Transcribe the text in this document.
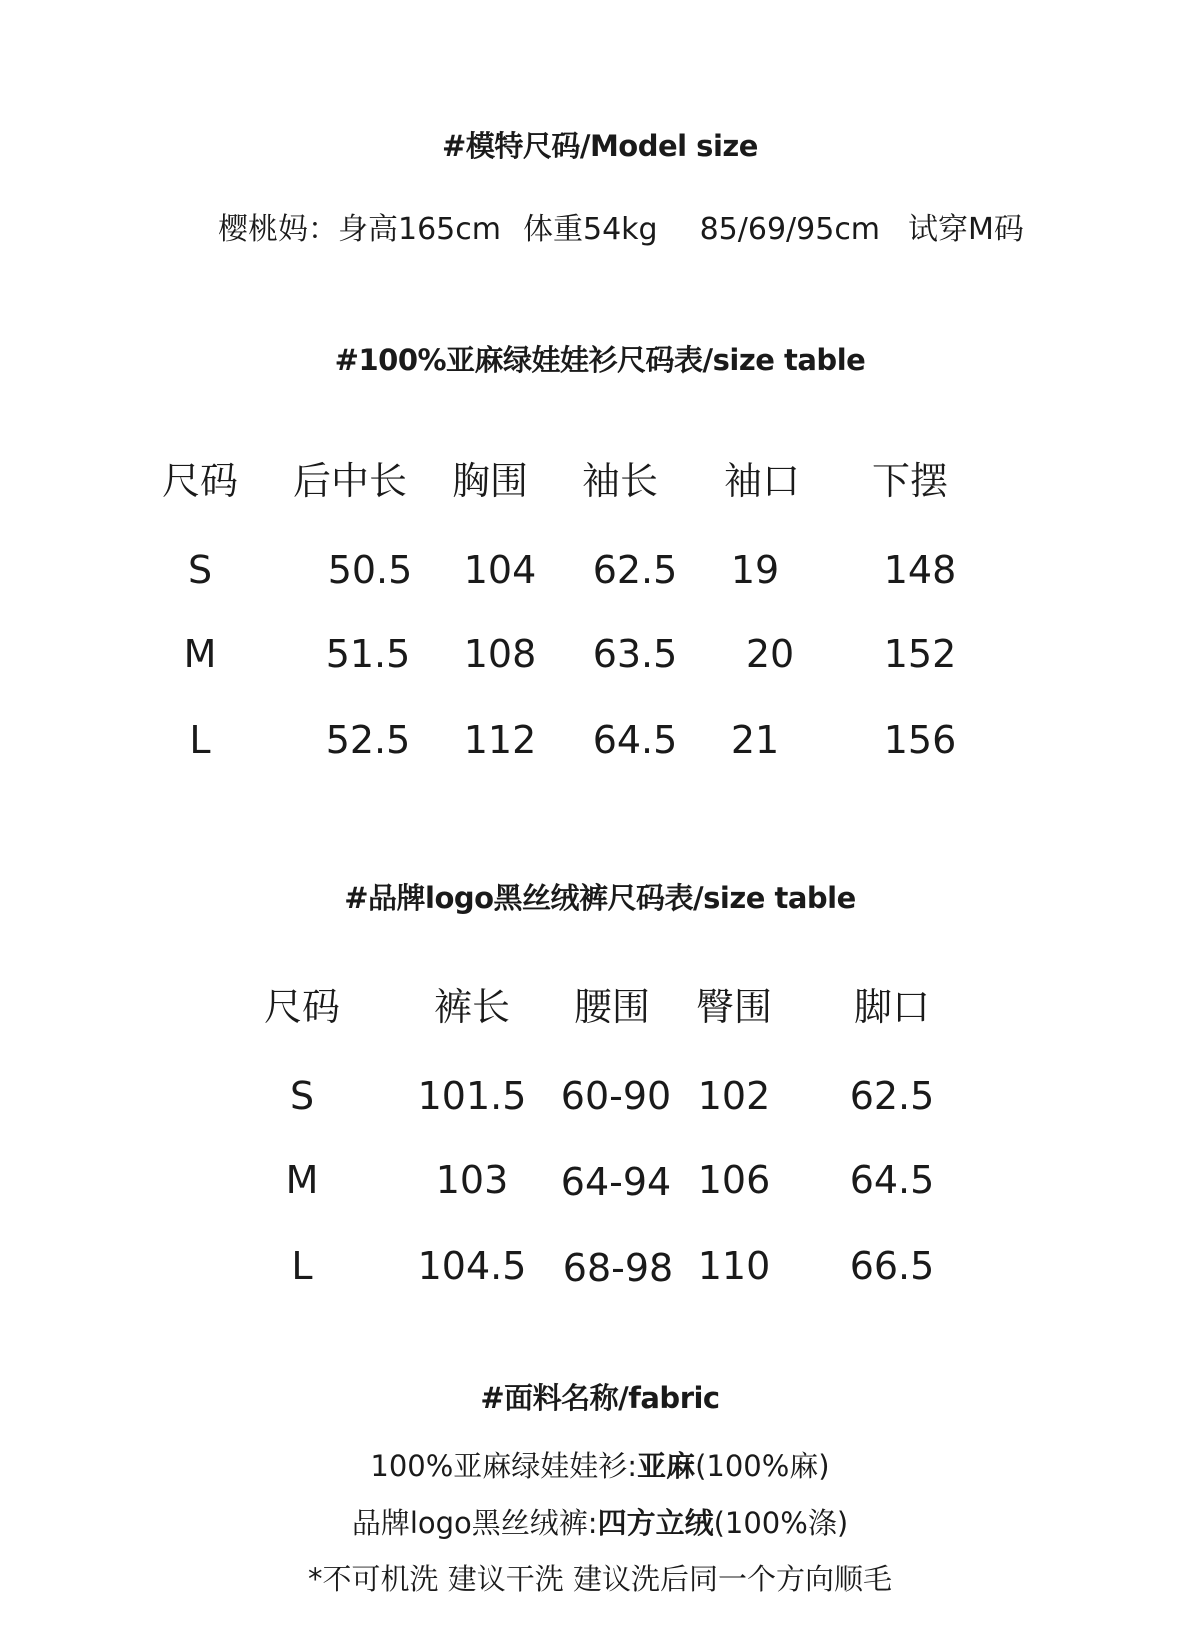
#模特尺码/Model size
樱桃妈：身高165cm 体重54kg 85/69/95cm 试穿M码
#100%亚麻绿娃娃衫尺码表/size table
尺码 后中长 胸围 袖长 袖口 下摆
S	50.5 104 62.5 19	148
M	51.5 108 63.5 20 152
L	52.5 112 64.5 21	156
#品牌logo黑丝绒裤尺码表/size table
尺码 裤长 腰围 臀围 脚口
S	101.5 60-90 102 62.5
M	103 64-94 106 64.5
L	104.5 68-98 110 66.5
#面料名称/fabric
100%亚麻绿娃娃衫:亚麻(100%麻)
品牌logo黑丝绒裤:四方立绒(100%涤)
*不可机洗 建议干洗 建议洗后同一个方向顺毛
